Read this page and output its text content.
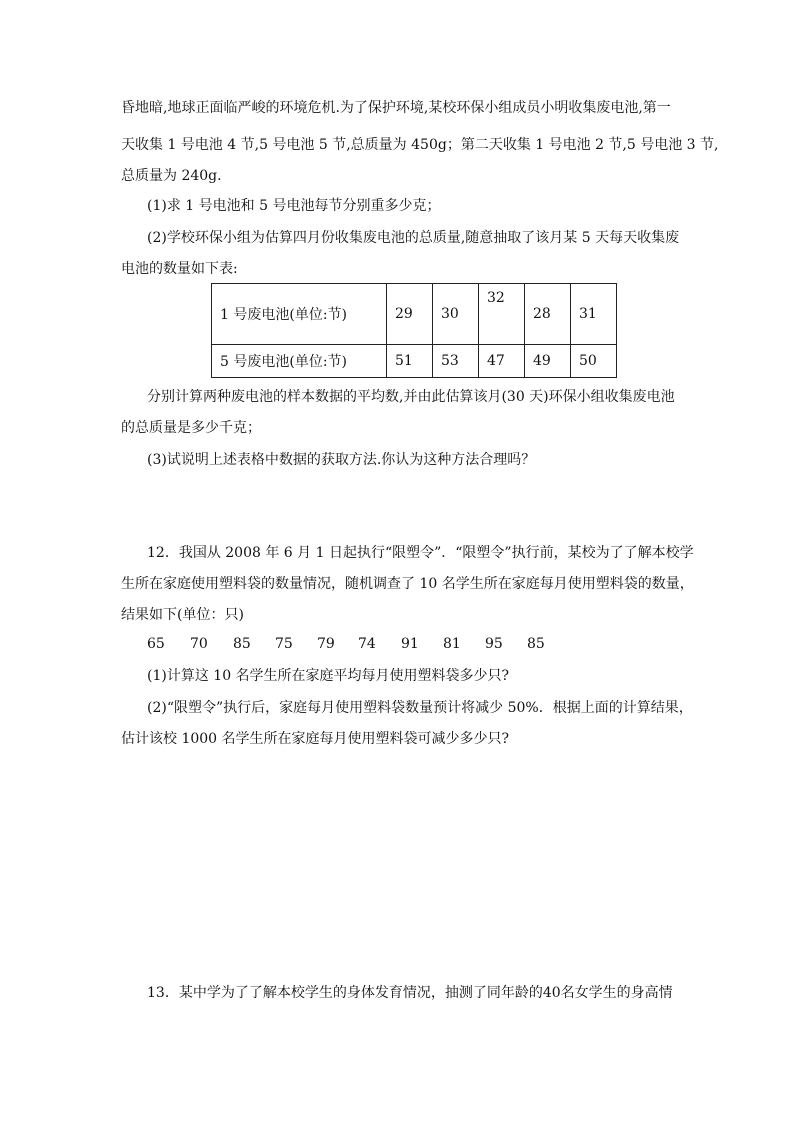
昏地暗,地球正面临严峻的环境危机.为了保护环境,某校环保小组成员小明收集废电池,第一
天收集 1 号电池 4 节,5 号电池 5 节,总质量为 450g；第二天收集 1 号电池 2 节,5 号电池 3 节,
总质量为 240g.
(1)求 1 号电池和 5 号电池每节分别重多少克；
(2)学校环保小组为估算四月份收集废电池的总质量,随意抽取了该月某 5 天每天收集废
电池的数量如下表:
1 号废电池(单位:节)	29	30	32	28	31
5 号废电池(单位:节)	51	53	47	49	50
分别计算两种废电池的样本数据的平均数,并由此估算该月(30 天)环保小组收集废电池
的总质量是多少千克；
(3)试说明上述表格中数据的获取方法.你认为这种方法合理吗？
12．我国从 2008 年 6 月 1 日起执行“限塑令”．“限塑令”执行前，某校为了了解本校学
生所在家庭使用塑料袋的数量情况，随机调查了 10 名学生所在家庭每月使用塑料袋的数量，
结果如下(单位：只)
65 70 85 75 79 74 91 81 95 85
(1)计算这 10 名学生所在家庭平均每月使用塑料袋多少只?
(2)“限塑令”执行后，家庭每月使用塑料袋数量预计将减少 50%．根据上面的计算结果，
估计该校 1000 名学生所在家庭每月使用塑料袋可减少多少只?
13．某中学为了了解本校学生的身体发育情况，抽测了同年龄的40名女学生的身高情
